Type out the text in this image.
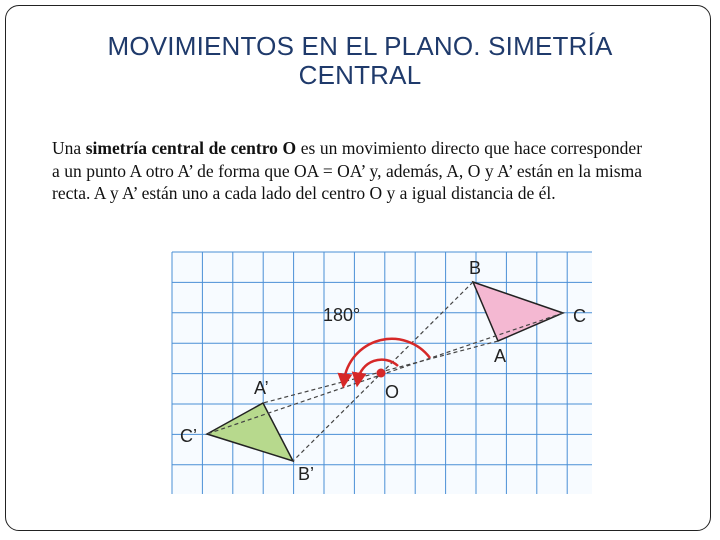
MOVIMIENTOS EN EL PLANO. SIMETRÍA
CENTRAL
Una simetría central de centro O es un movimiento directo que hace corresponder a un punto A otro A’ de forma que OA = OA’ y, además, A, O y A’ están en la misma recta. A y A’ están uno a cada lado del centro O y a igual distancia de él.
180°
B
C
A
O
A’
C’
B’
